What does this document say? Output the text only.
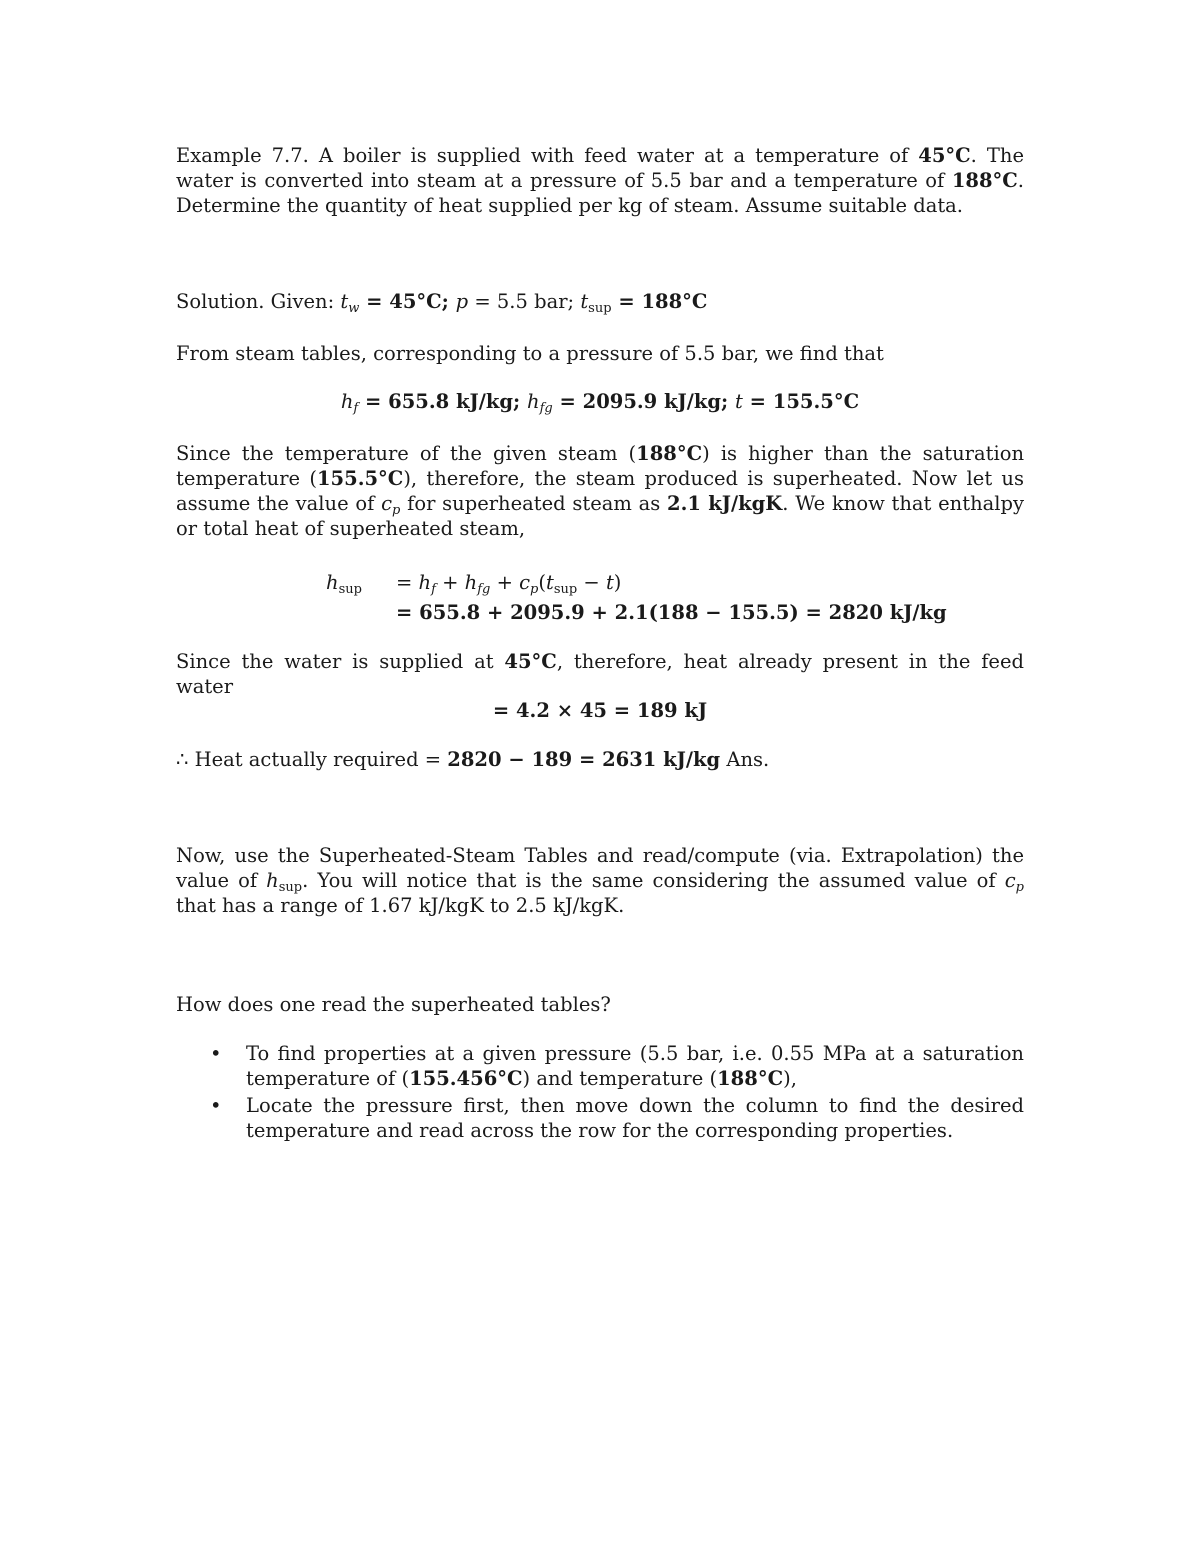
Example 7.7. A boiler is supplied with feed water at a temperature of 45°C. The water is converted into steam at a pressure of 5.5 bar and a temperature of 188°C. Determine the quantity of heat supplied per kg of steam. Assume suitable data.

Solution. Given: $t_w = 45^\circ C$; p = 5.5 bar; $t_{sup} = 188^\circ C$

From steam tables, corresponding to a pressure of 5.5 bar, we find that

$h_f = 655.8$ kJ/kg; $h_{fg} = 2095.9$ kJ/kg; t = 155.5°C

Since the temperature of the given steam (188°C) is higher than the saturation temperature (155.5°C), therefore, the steam produced is superheated. Now let us assume the value of $c_p$ for superheated steam as 2.1 kJ/kgK. We know that enthalpy or total heat of superheated steam,

$h_{sup} = h_f + h_{fg} + c_p(t_{sup} - t)$
= 655.8 + 2095.9 + 2.1(188 − 155.5) = 2820 kJ/kg

Since the water is supplied at 45°C, therefore, heat already present in the feed water

= 4.2 × 45 = 189 kJ

∴ Heat actually required = 2820 − 189 = 2631 kJ/kg Ans.

Now, use the Superheated-Steam Tables and read/compute (via. Extrapolation) the value of $h_{sup}$. You will notice that is the same considering the assumed value of $c_p$ that has a range of 1.67 kJ/kgK to 2.5 kJ/kgK.

How does one read the superheated tables?

• To find properties at a given pressure (5.5 bar, i.e. 0.55 MPa at a saturation temperature of (155.456°C) and temperature (188°C),
• Locate the pressure first, then move down the column to find the desired temperature and read across the row for the corresponding properties.
